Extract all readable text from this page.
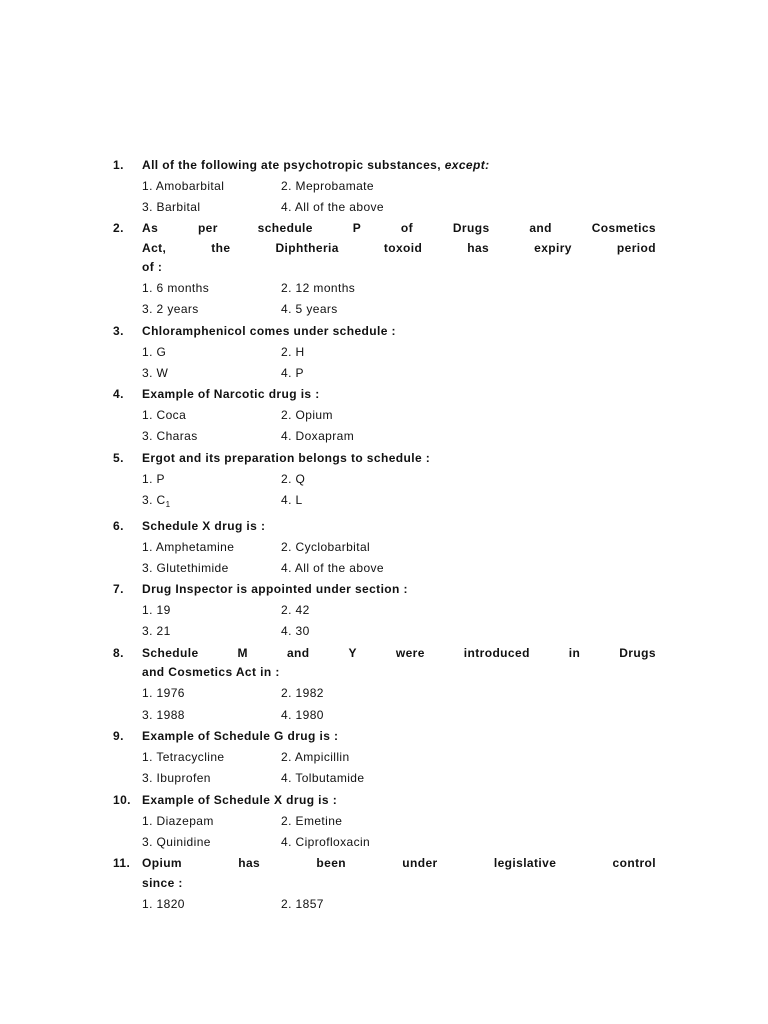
1. All of the following ate psychotropic substances, except:
1. Amobarbital	2. Meprobamate
3. Barbital	4. All of the above
2. As	per	schedule	P	of	Drugs	and	Cosmetics
Act,	the	Diphtheria	toxoid	has	expiry	period
of :
1. 6 months	2. 12 months
3. 2 years	4. 5 years
3. Chloramphenicol comes under schedule :
1. G	2. H
3. W	4. P
4. Example of Narcotic drug is :
1. Coca	2. Opium
3. Charas	4. Doxapram
5. Ergot and its preparation belongs to schedule :
1. P	2. Q
3. $C_1$	4. L
6. Schedule X drug is :
1. Amphetamine	2. Cyclobarbital
3. Glutethimide	4. All of the above
7. Drug Inspector is appointed under section :
1. 19	2. 42
3. 21	4. 30
8. Schedule	M	and	Y	were	introduced	in	Drugs
and Cosmetics Act in :
1. 1976	2. 1982
3. 1988	4. 1980
9. Example of Schedule G drug is :
1. Tetracycline	2. Ampicillin
3. Ibuprofen	4. Tolbutamide
10. Example of Schedule X drug is :
1. Diazepam	2. Emetine
3. Quinidine	4. Ciprofloxacin
11. Opium	has	been	under	legislative	control
since :
1. 1820	2. 1857
